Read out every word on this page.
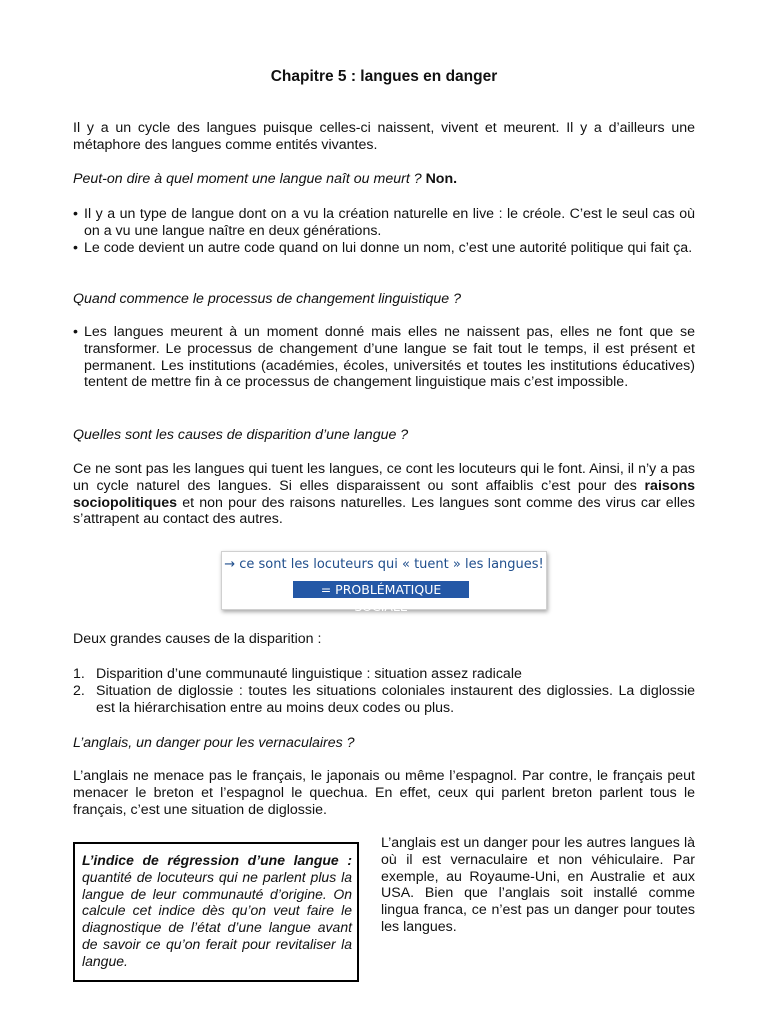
Chapitre 5 : langues en danger
Il y a un cycle des langues puisque celles-ci naissent, vivent et meurent. Il y a d’ailleurs une métaphore des langues comme entités vivantes.
Peut-on dire à quel moment une langue naît ou meurt ? Non.
• Il y a un type de langue dont on a vu la création naturelle en live : le créole. C’est le seul cas où on a vu une langue naître en deux générations.
• Le code devient un autre code quand on lui donne un nom, c’est une autorité politique qui fait ça.
Quand commence le processus de changement linguistique ?
• Les langues meurent à un moment donné mais elles ne naissent pas, elles ne font que se transformer. Le processus de changement d’une langue se fait tout le temps, il est présent et permanent. Les institutions (académies, écoles, universités et toutes les institutions éducatives) tentent de mettre fin à ce processus de changement linguistique mais c’est impossible.
Quelles sont les causes de disparition d’une langue ?
Ce ne sont pas les langues qui tuent les langues, ce cont les locuteurs qui le font. Ainsi, il n’y a pas un cycle naturel des langues. Si elles disparaissent ou sont affaiblis c’est pour des raisons sociopolitiques et non pour des raisons naturelles. Les langues sont comme des virus car elles s’attrapent au contact des autres.
→ ce sont les locuteurs qui « tuent » les langues!
= PROBLÉMATIQUE SOCIALE
Deux grandes causes de la disparition :
1. Disparition d’une communauté linguistique : situation assez radicale
2. Situation de diglossie : toutes les situations coloniales instaurent des diglossies. La diglossie est la hiérarchisation entre au moins deux codes ou plus.
L’anglais, un danger pour les vernaculaires ?
L’anglais ne menace pas le français, le japonais ou même l’espagnol. Par contre, le français peut menacer le breton et l’espagnol le quechua. En effet, ceux qui parlent breton parlent tous le français, c’est une situation de diglossie.
L’indice de régression d’une langue : quantité de locuteurs qui ne parlent plus la langue de leur communauté d’origine. On calcule cet indice dès qu’on veut faire le diagnostique de l’état d’une langue avant de savoir ce qu’on ferait pour revitaliser la langue.
L’anglais est un danger pour les autres langues là où il est vernaculaire et non véhiculaire. Par exemple, au Royaume-Uni, en Australie et aux USA. Bien que l’anglais soit installé comme lingua franca, ce n’est pas un danger pour toutes les langues.
